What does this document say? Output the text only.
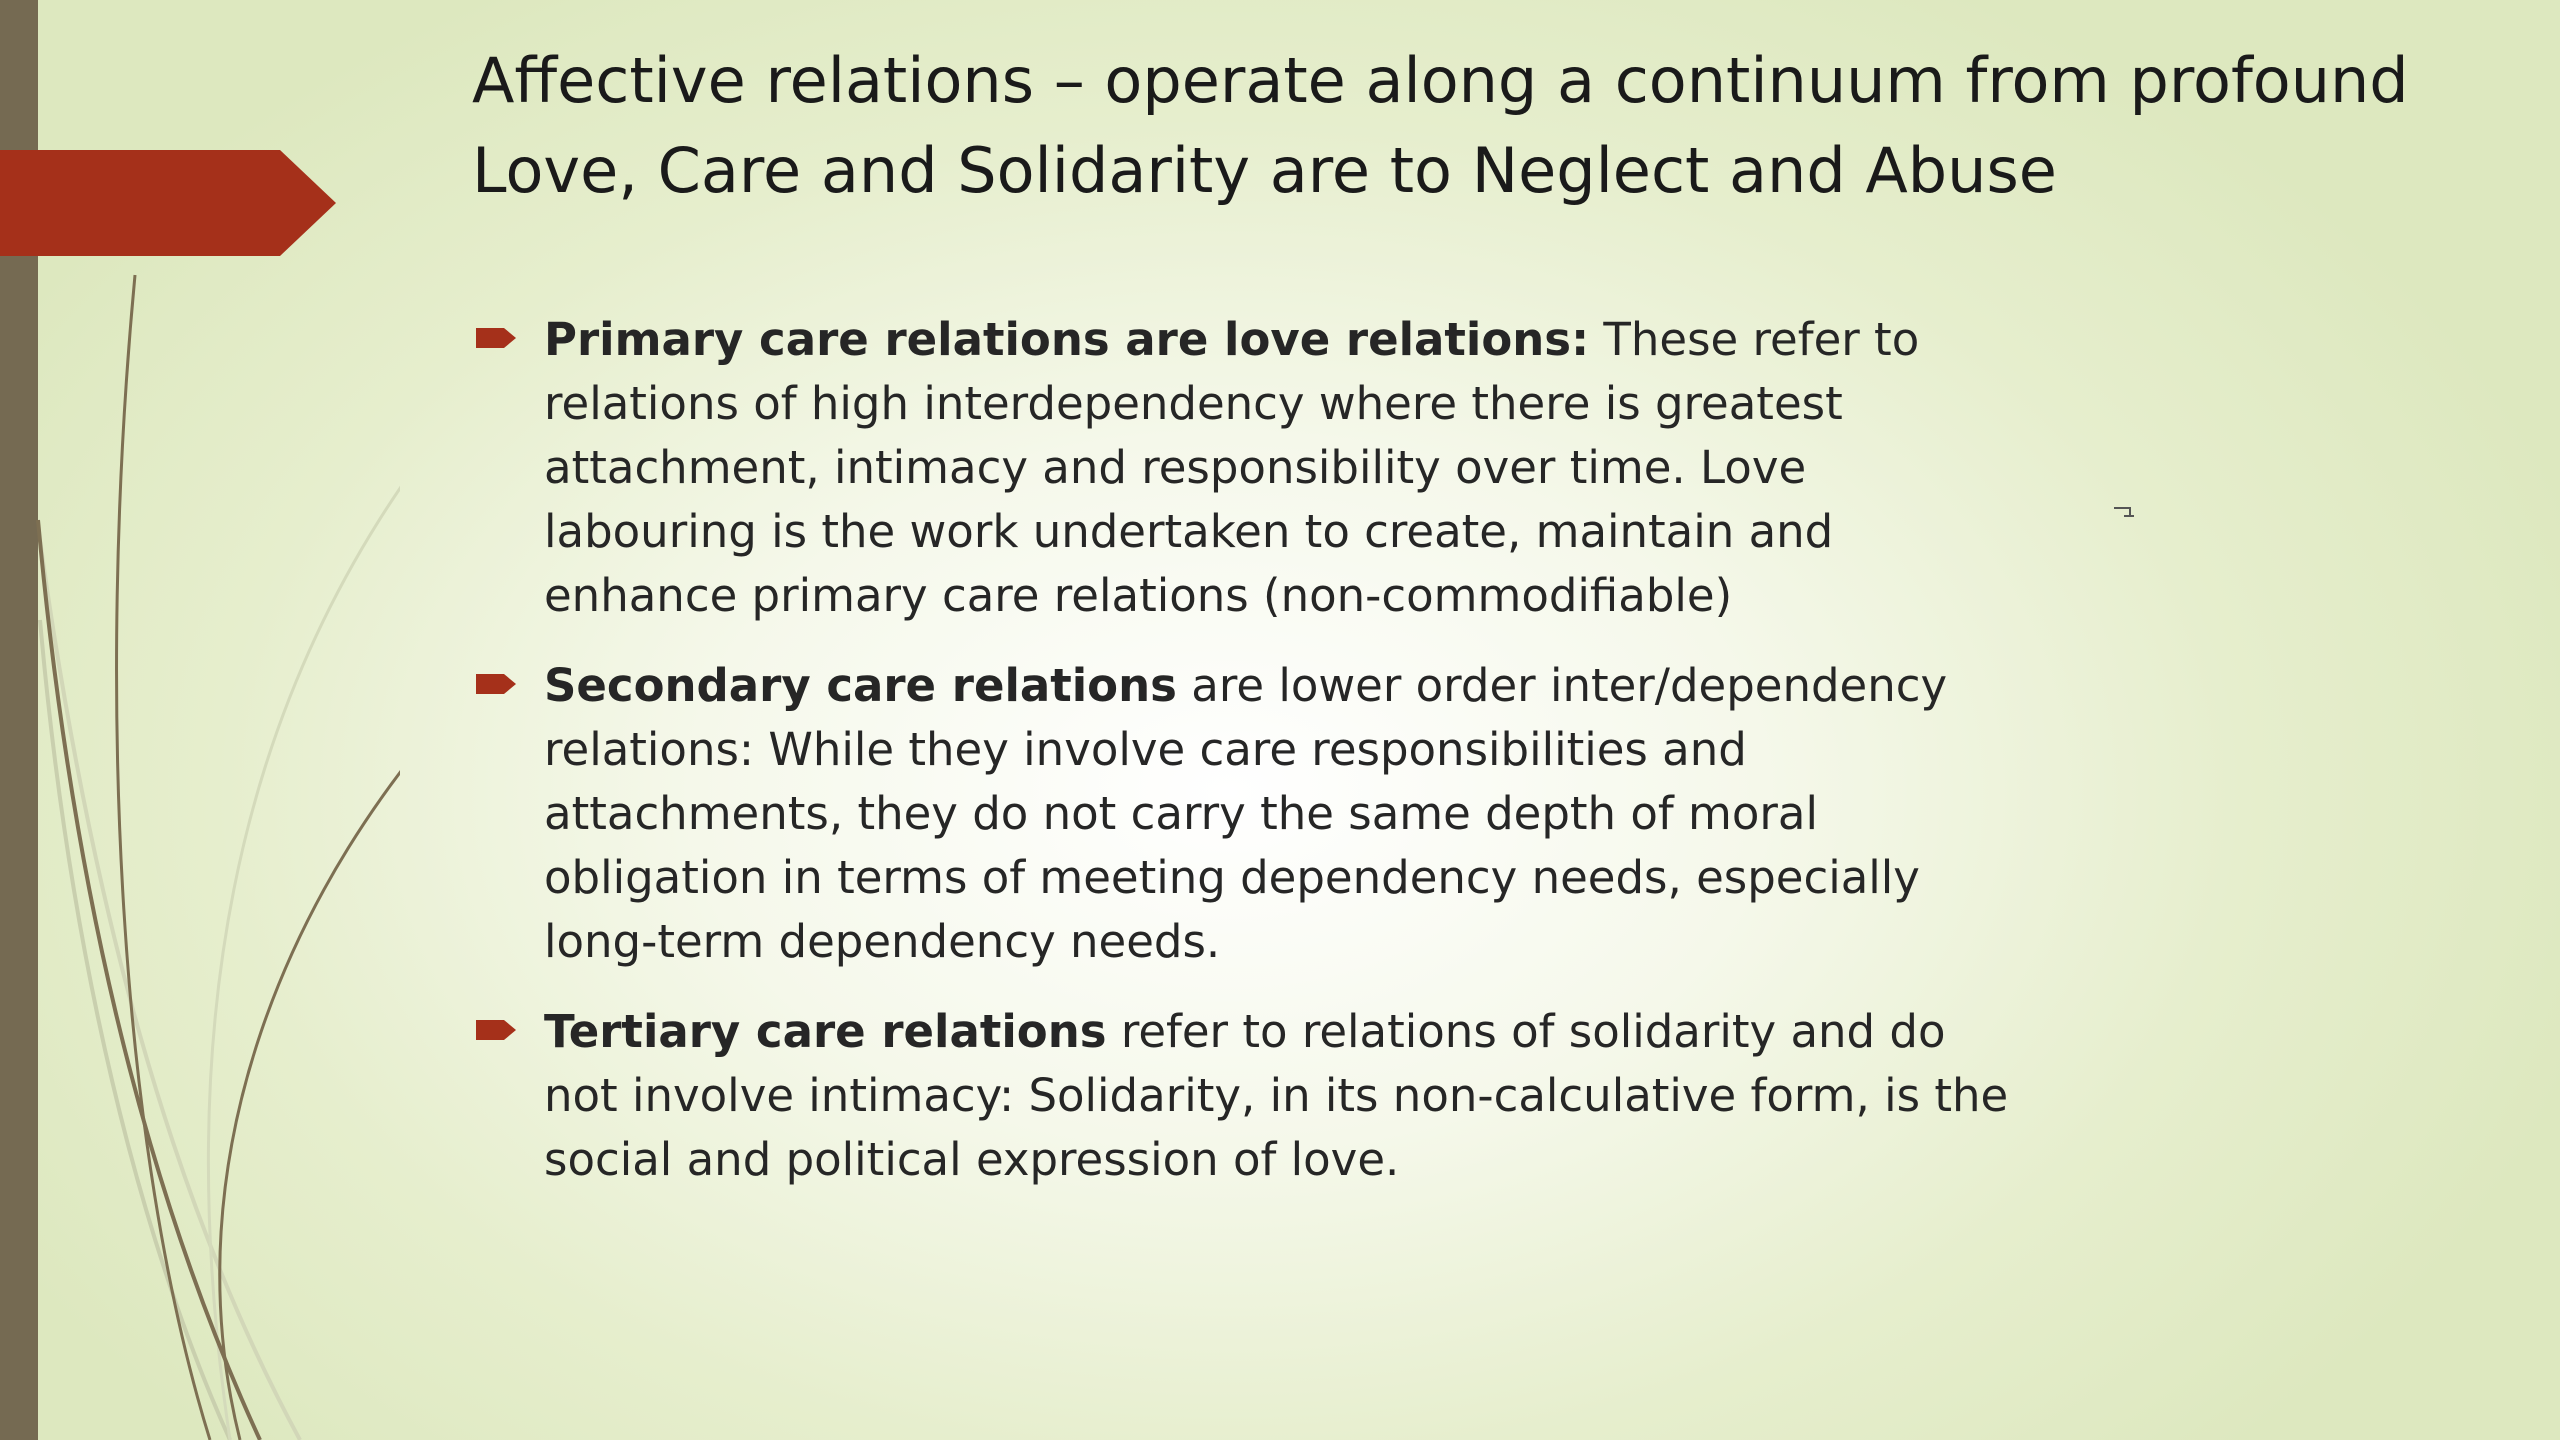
Affective relations – operate along a continuum from profound Love, Care and Solidarity are to Neglect and Abuse
Primary care relations are love relations: These refer to relations of high interdependency where there is greatest attachment, intimacy and responsibility over time. Love labouring is the work undertaken to create, maintain and enhance primary care relations (non-commodifiable)
Secondary care relations are lower order inter/dependency relations: While they involve care responsibilities and attachments, they do not carry the same depth of moral obligation in terms of meeting dependency needs, especially long-term dependency needs.
Tertiary care relations refer to relations of solidarity and do not involve intimacy: Solidarity, in its non-calculative form, is the social and political expression of love.
